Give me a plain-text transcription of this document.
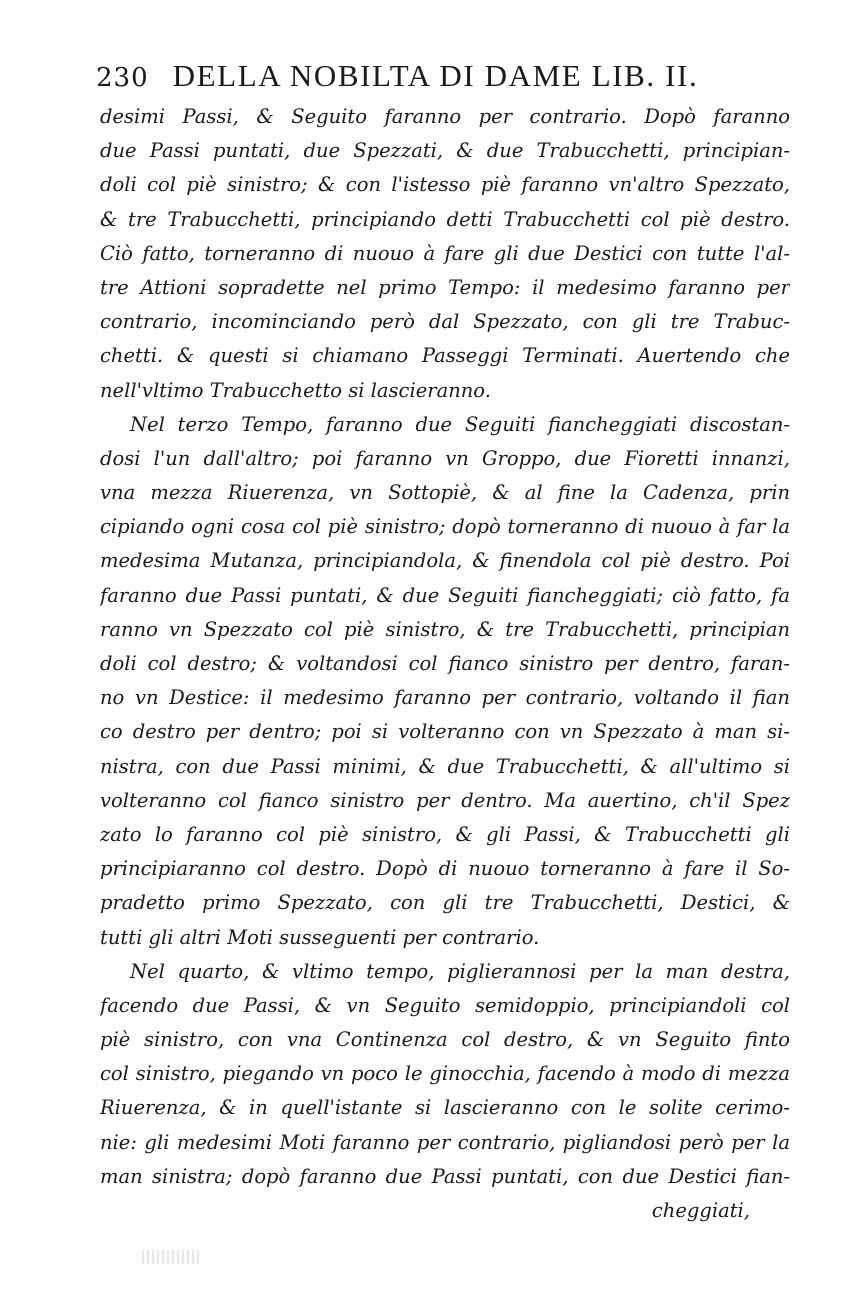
230 DELLA NOBILTA DI DAME LIB. II.
desimi Passi, & Seguito faranno per contrario. Dopò faranno
due Passi puntati, due Spezzati, & due Trabucchetti, principian-
doli col piè sinistro; & con l'istesso piè faranno vn'altro Spezzato,
& tre Trabucchetti, principiando detti Trabucchetti col piè destro.
Ciò fatto, torneranno di nuouo à fare gli due Destici con tutte l'al-
tre Attioni sopradette nel primo Tempo: il medesimo faranno per
contrario, incominciando però dal Spezzato, con gli tre Trabuc-
chetti. & questi si chiamano Passeggi Terminati. Auertendo che
nell'vltimo Trabucchetto si lascieranno.
Nel terzo Tempo, faranno due Seguiti fiancheggiati discostan-
dosi l'un dall'altro; poi faranno vn Groppo, due Fioretti innanzi,
vna mezza Riuerenza, vn Sottopiè, & al fine la Cadenza, prin
cipiando ogni cosa col piè sinistro; dopò torneranno di nuouo à far la
medesima Mutanza, principiandola, & finendola col piè destro. Poi
faranno due Passi puntati, & due Seguiti fiancheggiati; ciò fatto, fa
ranno vn Spezzato col piè sinistro, & tre Trabucchetti, principian
doli col destro; & voltandosi col fianco sinistro per dentro, faran-
no vn Destice: il medesimo faranno per contrario, voltando il fian
co destro per dentro; poi si volteranno con vn Spezzato à man si-
nistra, con due Passi minimi, & due Trabucchetti, & all'ultimo si
volteranno col fianco sinistro per dentro. Ma auertino, ch'il Spez
zato lo faranno col piè sinistro, & gli Passi, & Trabucchetti gli
principiaranno col destro. Dopò di nuouo torneranno à fare il So-
pradetto primo Spezzato, con gli tre Trabucchetti, Destici, &
tutti gli altri Moti susseguenti per contrario.
Nel quarto, & vltimo tempo, piglierannosi per la man destra,
facendo due Passi, & vn Seguito semidoppio, principiandoli col
piè sinistro, con vna Continenza col destro, & vn Seguito finto
col sinistro, piegando vn poco le ginocchia, facendo à modo di mezza
Riuerenza, & in quell'istante si lascieranno con le solite cerimo-
nie: gli medesimi Moti faranno per contrario, pigliandosi però per la
man sinistra; dopò faranno due Passi puntati, con due Destici fian-
cheggiati,
